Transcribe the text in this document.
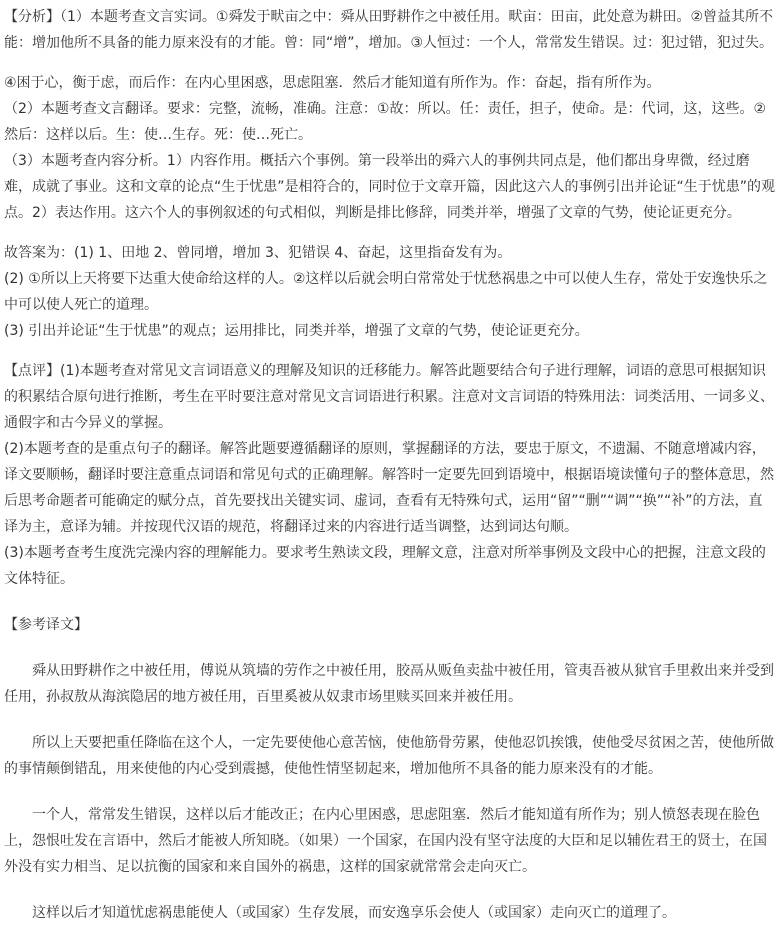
【分析】（1）本题考查文言实词。①舜发于畎亩之中：舜从田野耕作之中被任用。畎亩：田亩，此处意为耕田。②曾益其所不能：增加他所不具备的能力原来没有的才能。曾：同“增”，增加。③人恒过：一个人，常常发生错误。过：犯过错，犯过失。

④困于心，衡于虑，而后作：在内心里困惑，思虑阻塞．然后才能知道有所作为。作：奋起，指有所作为。

（2）本题考查文言翻译。要求：完整，流畅，准确。注意：①故：所以。任：责任，担子，使命。是：代词，这，这些。②然后：这样以后。生：使…生存。死：使…死亡。

（3）本题考查内容分析。1）内容作用。概括六个事例。第一段举出的舜六人的事例共同点是，他们都出身卑微，经过磨难，成就了事业。这和文章的论点“生于忧患”是相符合的，同时位于文章开篇，因此这六人的事例引出并论证“生于忧患”的观点。2）表达作用。这六个人的事例叙述的句式相似，判断是排比修辞，同类并举，增强了文章的气势，使论证更充分。

故答案为：(1) 1、田地 2、曾同增，增加 3、犯错误 4、奋起，这里指奋发有为。

(2) ①所以上天将要下达重大使命给这样的人。②这样以后就会明白常常处于忧愁祸患之中可以使人生存，常处于安逸快乐之中可以使人死亡的道理。

(3) 引出并论证“生于忧患”的观点；运用排比，同类并举，增强了文章的气势，使论证更充分。

【点评】(1)本题考查对常见文言词语意义的理解及知识的迁移能力。解答此题要结合句子进行理解，词语的意思可根据知识的积累结合原句进行推断，考生在平时要注意对常见文言词语进行积累。注意对文言词语的特殊用法：词类活用、一词多义、通假字和古今异义的掌握。

(2)本题考查的是重点句子的翻译。解答此题要遵循翻译的原则，掌握翻译的方法，要忠于原文，不遗漏、不随意增减内容，译文要顺畅，翻译时要注意重点词语和常见句式的正确理解。解答时一定要先回到语境中，根据语境读懂句子的整体意思，然后思考命题者可能确定的赋分点，首先要找出关键实词、虚词，查看有无特殊句式，运用“留”“删”“调”“换”“补”的方法，直译为主，意译为辅。并按现代汉语的规范，将翻译过来的内容进行适当调整，达到词达句顺。

(3)本题考查考生度洗完澡内容的理解能力。要求考生熟读文段，理解文意，注意对所举事例及文段中心的把握，注意文段的文体特征。

【参考译文】

舜从田野耕作之中被任用，傅说从筑墙的劳作之中被任用，胶鬲从贩鱼卖盐中被任用，管夷吾被从狱官手里救出来并受到任用，孙叔敖从海滨隐居的地方被任用，百里奚被从奴隶市场里赎买回来并被任用。

所以上天要把重任降临在这个人，一定先要使他心意苦恼，使他筋骨劳累，使他忍饥挨饿，使他受尽贫困之苦，使他所做的事情颠倒错乱，用来使他的内心受到震撼，使他性情坚韧起来，增加他所不具备的能力原来没有的才能。

一个人，常常发生错误，这样以后才能改正；在内心里困惑，思虑阻塞．然后才能知道有所作为；别人愤怒表现在脸色上，怨恨吐发在言语中，然后才能被人所知晓。（如果）一个国家，在国内没有坚守法度的大臣和足以辅佐君王的贤士，在国外没有实力相当、足以抗衡的国家和来自国外的祸患，这样的国家就常常会走向灭亡。

这样以后才知道忧虑祸患能使人（或国家）生存发展，而安逸享乐会使人（或国家）走向灭亡的道理了。
